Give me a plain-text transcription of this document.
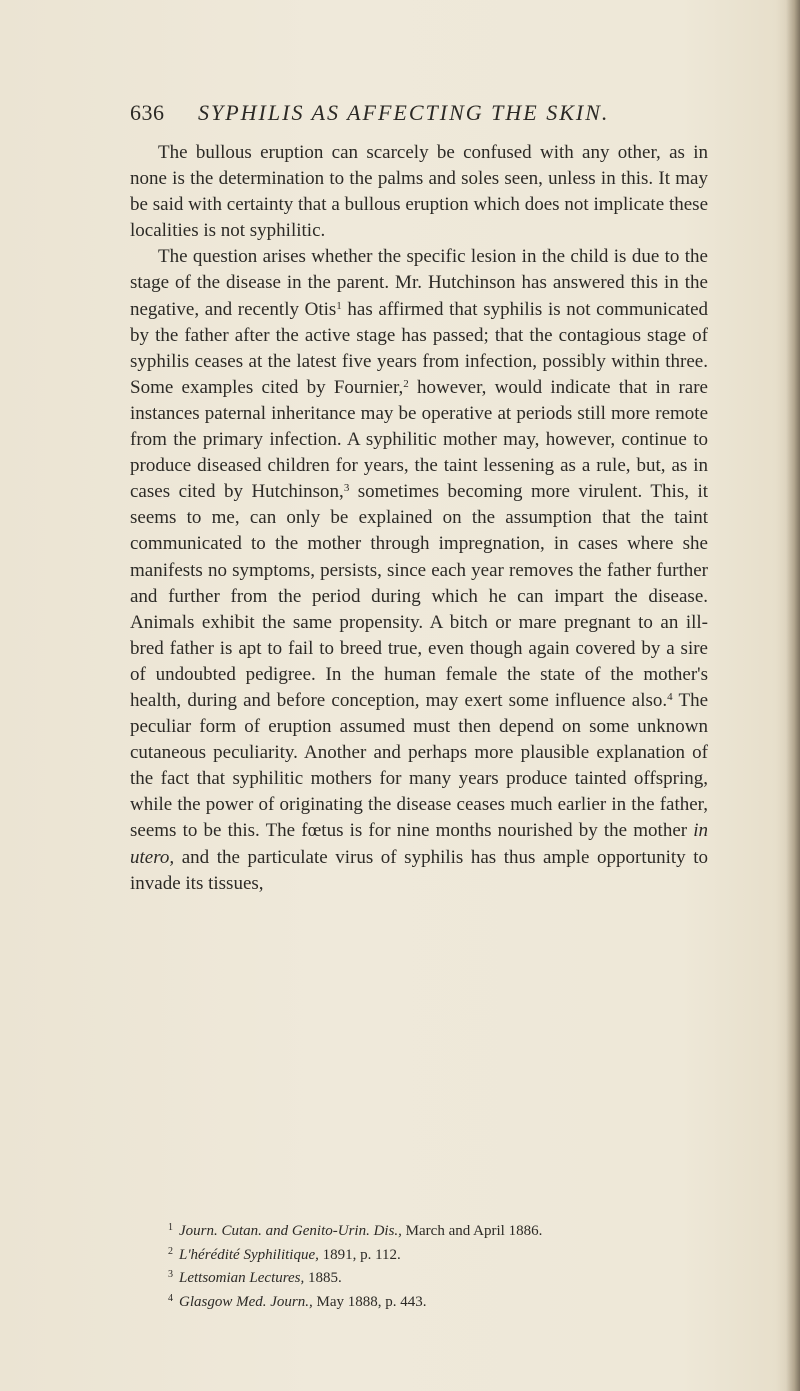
636 SYPHILIS AS AFFECTING THE SKIN.

The bullous eruption can scarcely be confused with any other, as in none is the determination to the palms and soles seen, unless in this. It may be said with certainty that a bullous eruption which does not implicate these localities is not syphilitic.

The question arises whether the specific lesion in the child is due to the stage of the disease in the parent. Mr. Hutchinson has answered this in the negative, and recently Otis$^1$ has affirmed that syphilis is not communicated by the father after the active stage has passed; that the contagious stage of syphilis ceases at the latest five years from infection, possibly within three. Some examples cited by Fournier,$^2$ however, would indicate that in rare instances paternal inheritance may be operative at periods still more remote from the primary infection. A syphilitic mother may, however, continue to produce diseased children for years, the taint lessening as a rule, but, as in cases cited by Hutchinson,$^3$ sometimes becoming more virulent. This, it seems to me, can only be explained on the assumption that the taint communicated to the mother through impregnation, in cases where she manifests no symptoms, persists, since each year removes the father further and further from the period during which he can impart the disease. Animals exhibit the same propensity. A bitch or mare pregnant to an ill-bred father is apt to fail to breed true, even though again covered by a sire of undoubted pedigree. In the human female the state of the mother's health, during and before conception, may exert some influence also.$^4$ The peculiar form of eruption assumed must then depend on some unknown cutaneous peculiarity. Another and perhaps more plausible explanation of the fact that syphilitic mothers for many years produce tainted offspring, while the power of originating the disease ceases much earlier in the father, seems to be this. The fœtus is for nine months nourished by the mother in utero, and the particulate virus of syphilis has thus ample opportunity to invade its tissues,

$^1$ Journ. Cutan. and Genito-Urin. Dis., March and April 1886.
$^2$ L'hérédité Syphilitique, 1891, p. 112.
$^3$ Lettsomian Lectures, 1885.
$^4$ Glasgow Med. Journ., May 1888, p. 443.
